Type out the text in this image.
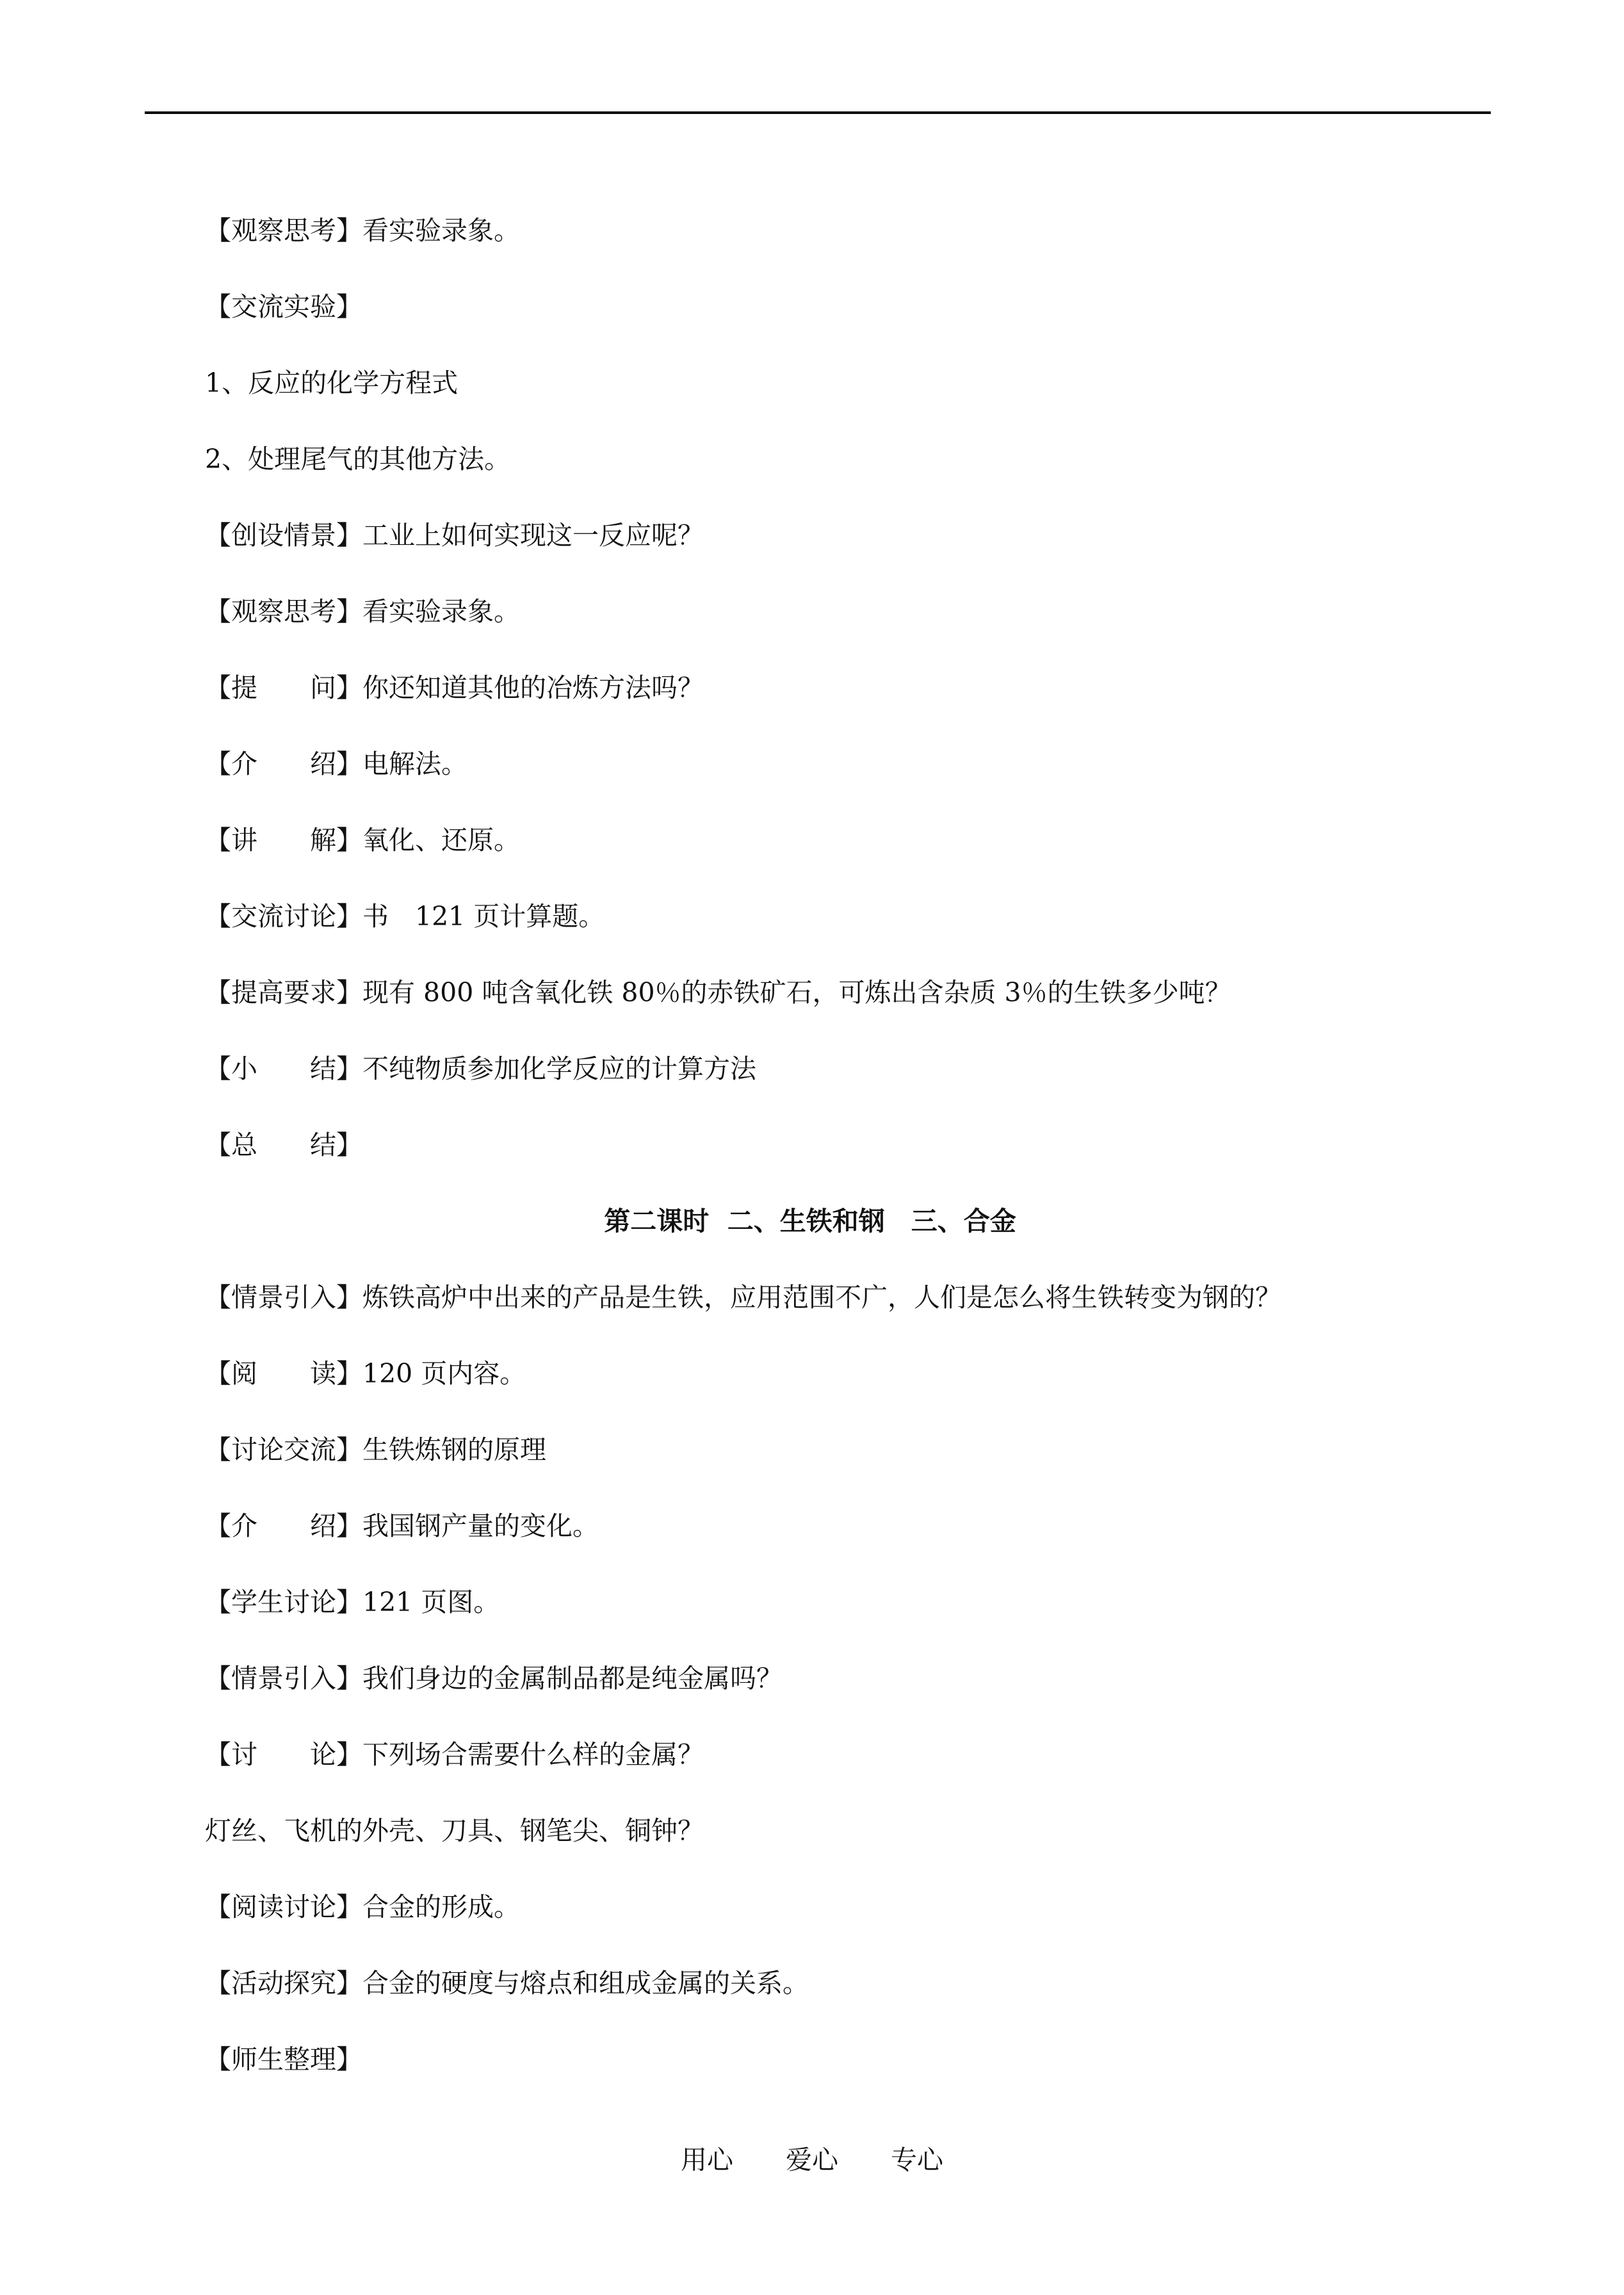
【观察思考】看实验录象。
【交流实验】
1、反应的化学方程式
2、处理尾气的其他方法。
【创设情景】工业上如何实现这一反应呢？
【观察思考】看实验录象。
【提　　问】你还知道其他的冶炼方法吗？
【介　　绍】电解法。
【讲　　解】氧化、还原。
【交流讨论】书　121 页计算题。
【提高要求】现有 800 吨含氧化铁 80％的赤铁矿石，可炼出含杂质 3％的生铁多少吨？
【小　　结】不纯物质参加化学反应的计算方法
【总　　结】
第二课时  二、生铁和钢　三、合金
【情景引入】炼铁高炉中出来的产品是生铁，应用范围不广，人们是怎么将生铁转变为钢的？
【阅　　读】120 页内容。
【讨论交流】生铁炼钢的原理
【介　　绍】我国钢产量的变化。
【学生讨论】121 页图。
【情景引入】我们身边的金属制品都是纯金属吗？
【讨　　论】下列场合需要什么样的金属？
灯丝、飞机的外壳、刀具、钢笔尖、铜钟？
【阅读讨论】合金的形成。
【活动探究】合金的硬度与熔点和组成金属的关系。
【师生整理】
用心　　爱心　　专心
